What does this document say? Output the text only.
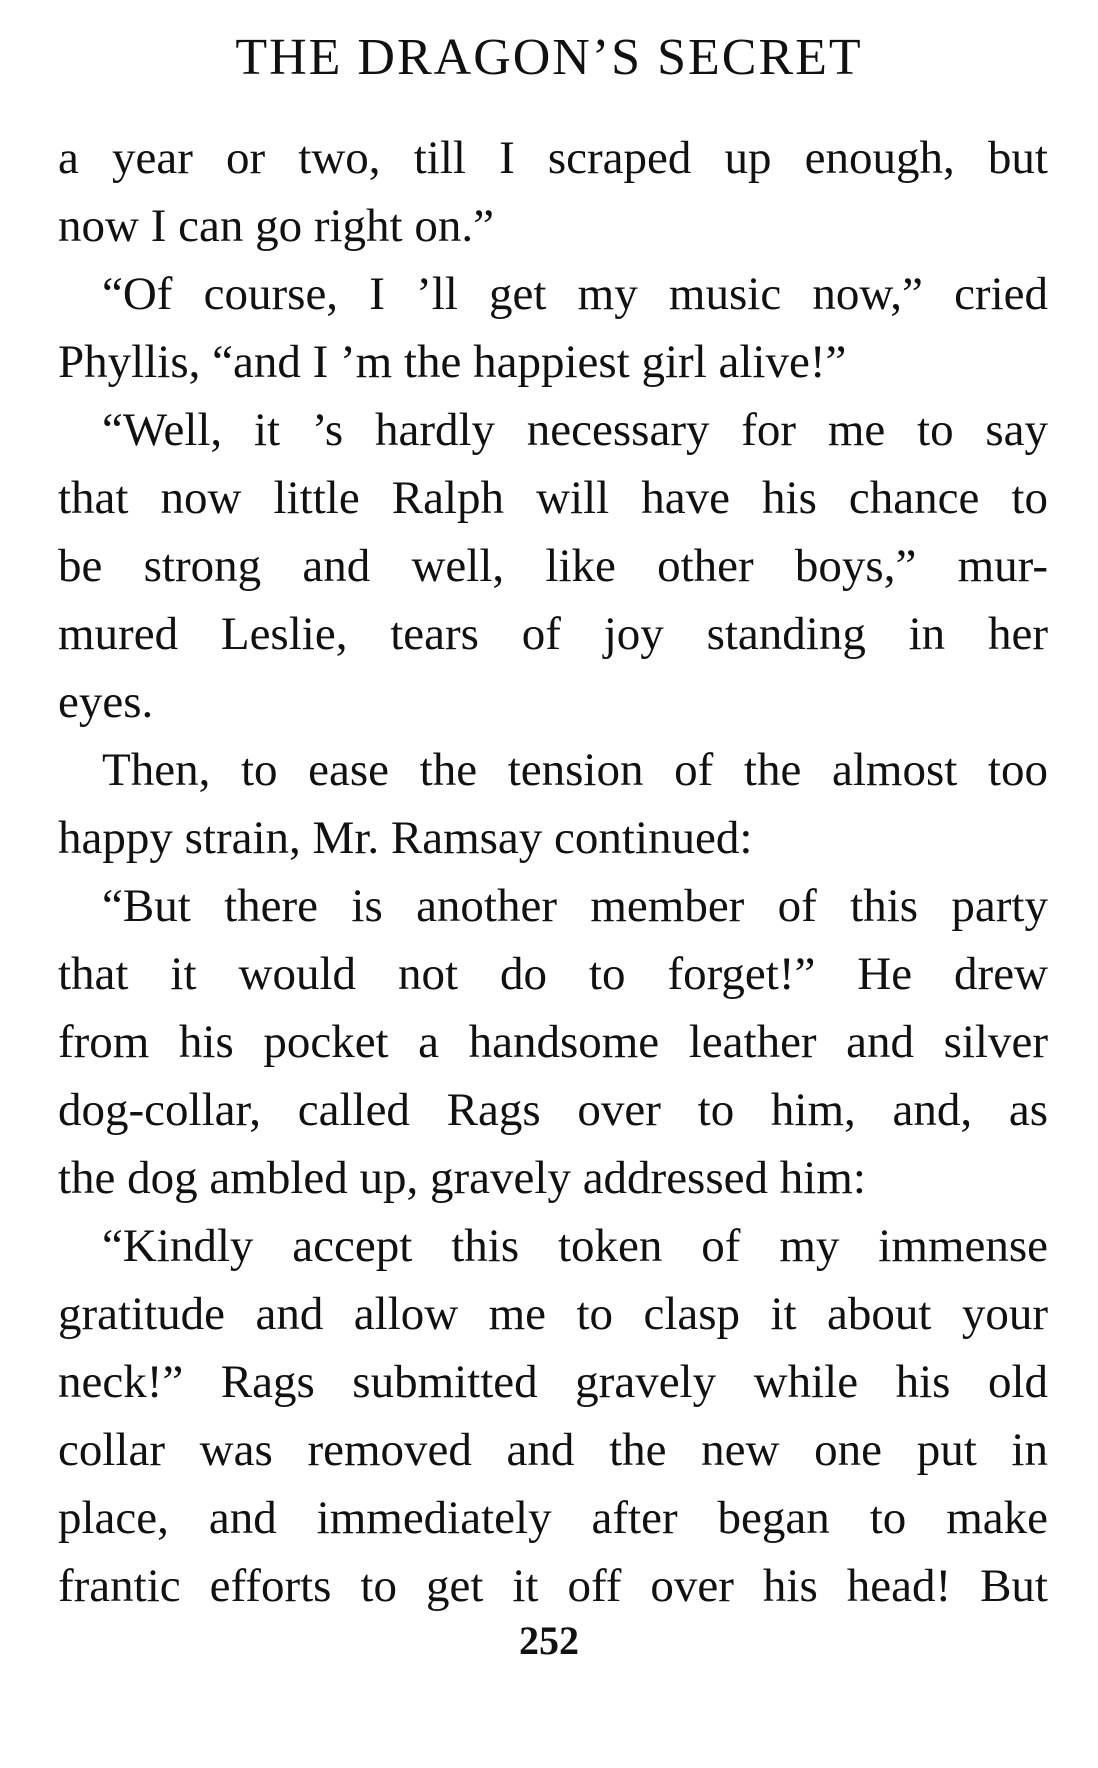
THE DRAGON’S SECRET
a year or two, till I scraped up enough, but
now I can go right on.”
“Of course, I ’ll get my music now,” cried
Phyllis, “and I ’m the happiest girl alive!”
“Well, it ’s hardly necessary for me to say
that now little Ralph will have his chance to
be strong and well, like other boys,” mur-
mured Leslie, tears of joy standing in her
eyes.
Then, to ease the tension of the almost too
happy strain, Mr. Ramsay continued:
“But there is another member of this party
that it would not do to forget!” He drew
from his pocket a handsome leather and silver
dog-collar, called Rags over to him, and, as
the dog ambled up, gravely addressed him:
“Kindly accept this token of my immense
gratitude and allow me to clasp it about your
neck!” Rags submitted gravely while his old
collar was removed and the new one put in
place, and immediately after began to make
frantic efforts to get it off over his head! But
252
